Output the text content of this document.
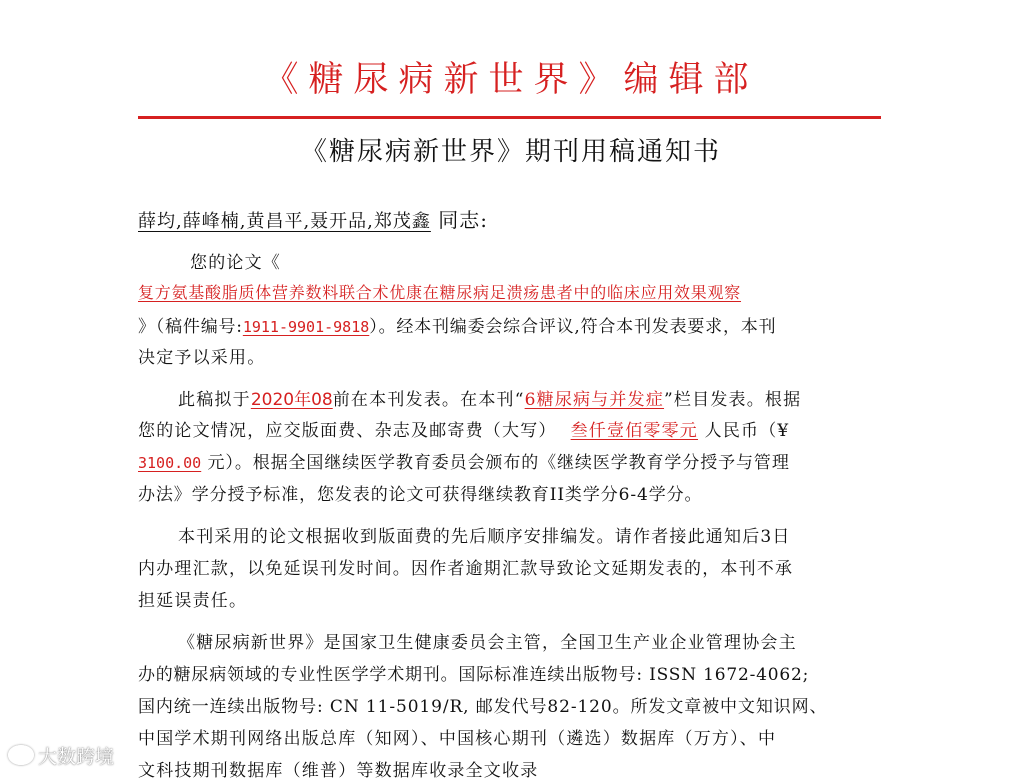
《糖尿病新世界》编辑部
《糖尿病新世界》期刊用稿通知书
薛均,薛峰楠,黄昌平,聂开品,郑茂鑫 同志:
您的论文《
复方氨基酸脂质体营养数料联合术优康在糖尿病足溃疡患者中的临床应用效果观察
》（稿件编号:1911-9901-9818）。经本刊编委会综合评议,符合本刊发表要求，本刊
决定予以采用。
此稿拟于2020年08前在本刊发表。在本刊“6糖尿病与并发症”栏目发表。根据
您的论文情况，应交版面费、杂志及邮寄费（大写） 叁仟壹佰零零元 人民币（¥
3100.00 元）。根据全国继续医学教育委员会颁布的《继续医学教育学分授予与管理
办法》学分授予标准，您发表的论文可获得继续教育II类学分6-4学分。
本刊采用的论文根据收到版面费的先后顺序安排编发。请作者接此通知后3日
内办理汇款，以免延误刊发时间。因作者逾期汇款导致论文延期发表的，本刊不承
担延误责任。
《糖尿病新世界》是国家卫生健康委员会主管，全国卫生产业企业管理协会主
办的糖尿病领域的专业性医学学术期刊。国际标准连续出版物号: ISSN 1672-4062;
国内统一连续出版物号: CN 11-5019/R, 邮发代号82-120。所发文章被中文知识网、
中国学术期刊网络出版总库（知网）、中国核心期刊（遴选）数据库（万方）、中
文科技期刊数据库（维普）等数据库收录全文收录
大数跨境
